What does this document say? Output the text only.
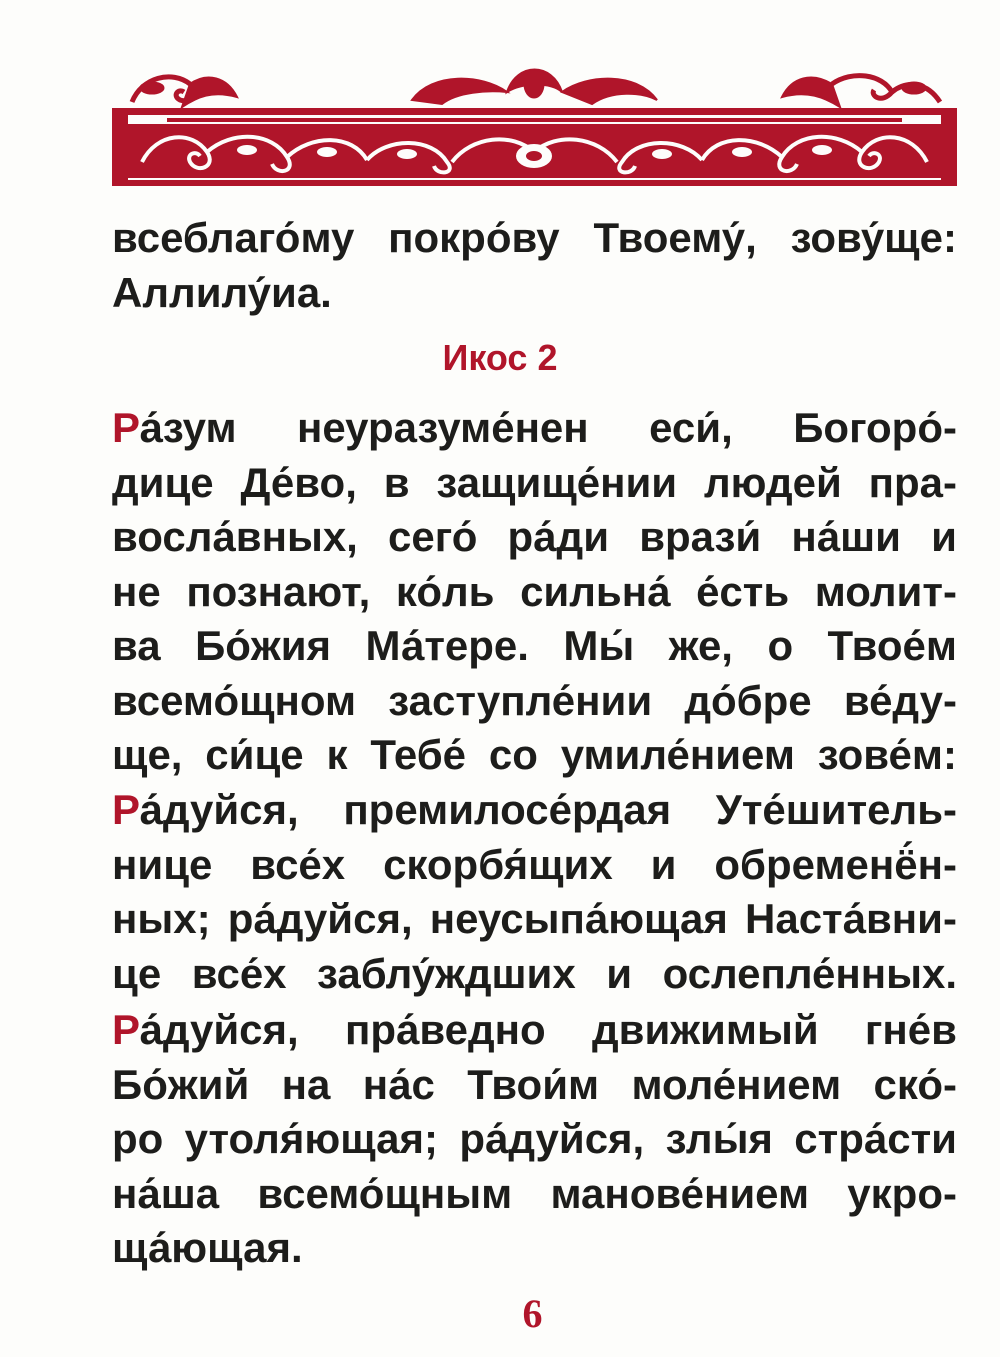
всеблаго́му покро́ву Твоему́, зову́ще:
Аллилу́иа.
Икос 2
Ра́зум неуразуме́нен еси́, Богоро́-
дице Де́во, в защище́нии людей пра-
восла́вных, сего́ ра́ди врази́ на́ши и
не познают, ко́ль сильна́ е́сть молит-
ва Бо́жия Ма́тере. Мы́ же, о Твое́м
всемо́щном заступле́нии до́бре ве́ду-
ще, си́це к Тебе́ со умиле́нием зове́м:
Ра́дуйся, премилосе́рдая Уте́шитель-
нице все́х скорбя́щих и обременё́н-
ных; ра́дуйся, неусыпа́ющая Наста́вни-
це все́х заблу́ждших и ослепле́нных.
Ра́дуйся, пра́ведно движимый гне́в
Бо́жий на на́с Твои́м моле́нием ско́-
ро утоля́ющая; ра́дуйся, злы́я стра́сти
на́ша всемо́щным манове́нием укро-
ща́ющая.
6
